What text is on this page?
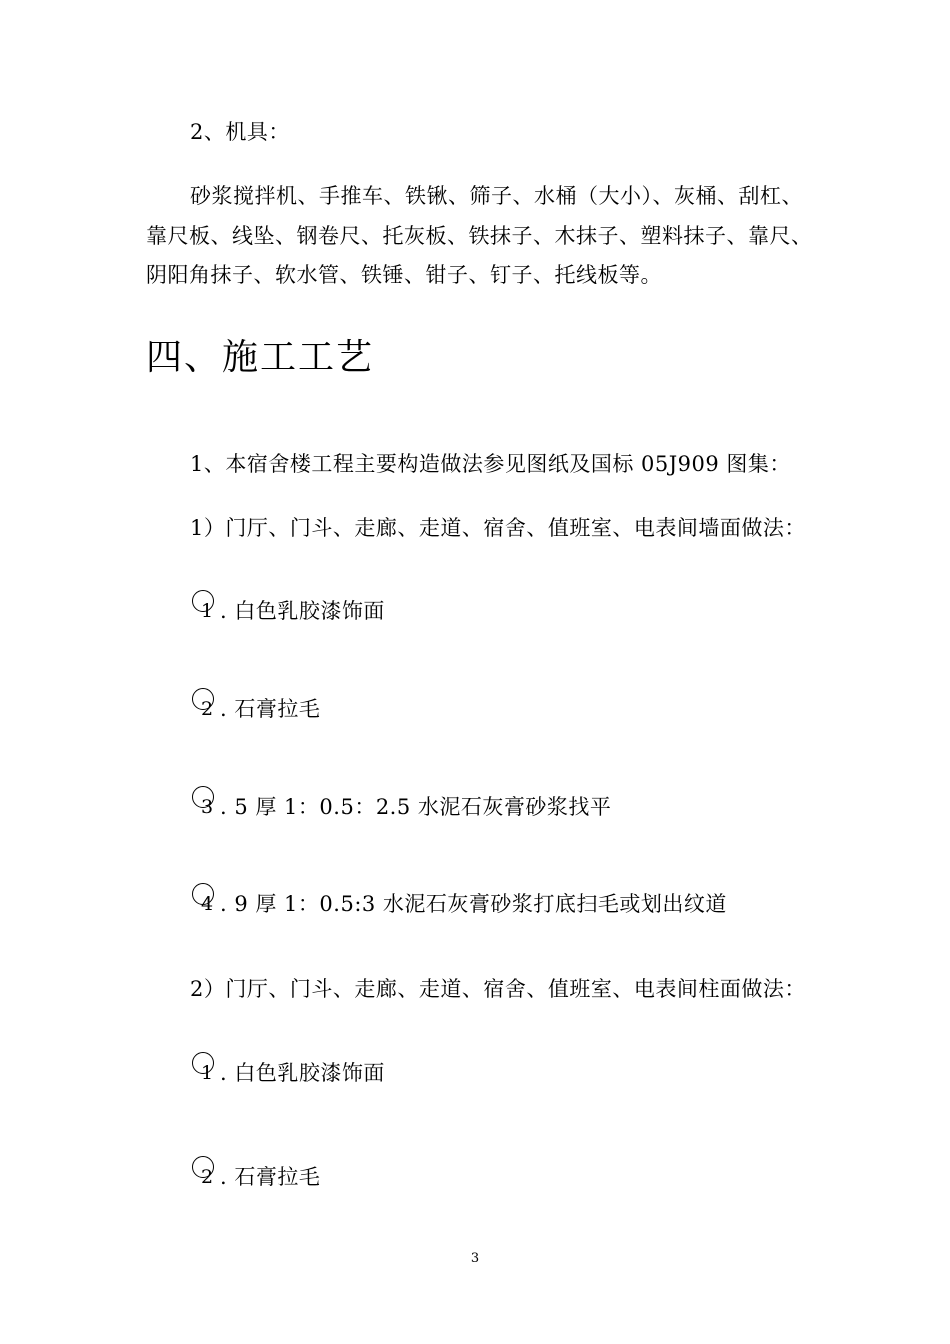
2、机具：
砂浆搅拌机、手推车、铁锹、筛子、水桶（大小）、灰桶、刮杠、
靠尺板、线坠、钢卷尺、托灰板、铁抹子、木抹子、塑料抹子、靠尺、
阴阳角抹子、软水管、铁锤、钳子、钉子、托线板等。
四、施工工艺
1、本宿舍楼工程主要构造做法参见图纸及国标 05J909 图集：
1）门厅、门斗、走廊、走道、宿舍、值班室、电表间墙面做法：
1 . 白色乳胶漆饰面
2 . 石膏拉毛
3 . 5 厚 1：0.5：2.5 水泥石灰膏砂浆找平
4 . 9 厚 1：0.5:3 水泥石灰膏砂浆打底扫毛或划出纹道
2）门厅、门斗、走廊、走道、宿舍、值班室、电表间柱面做法：
1 . 白色乳胶漆饰面
2 . 石膏拉毛
3
